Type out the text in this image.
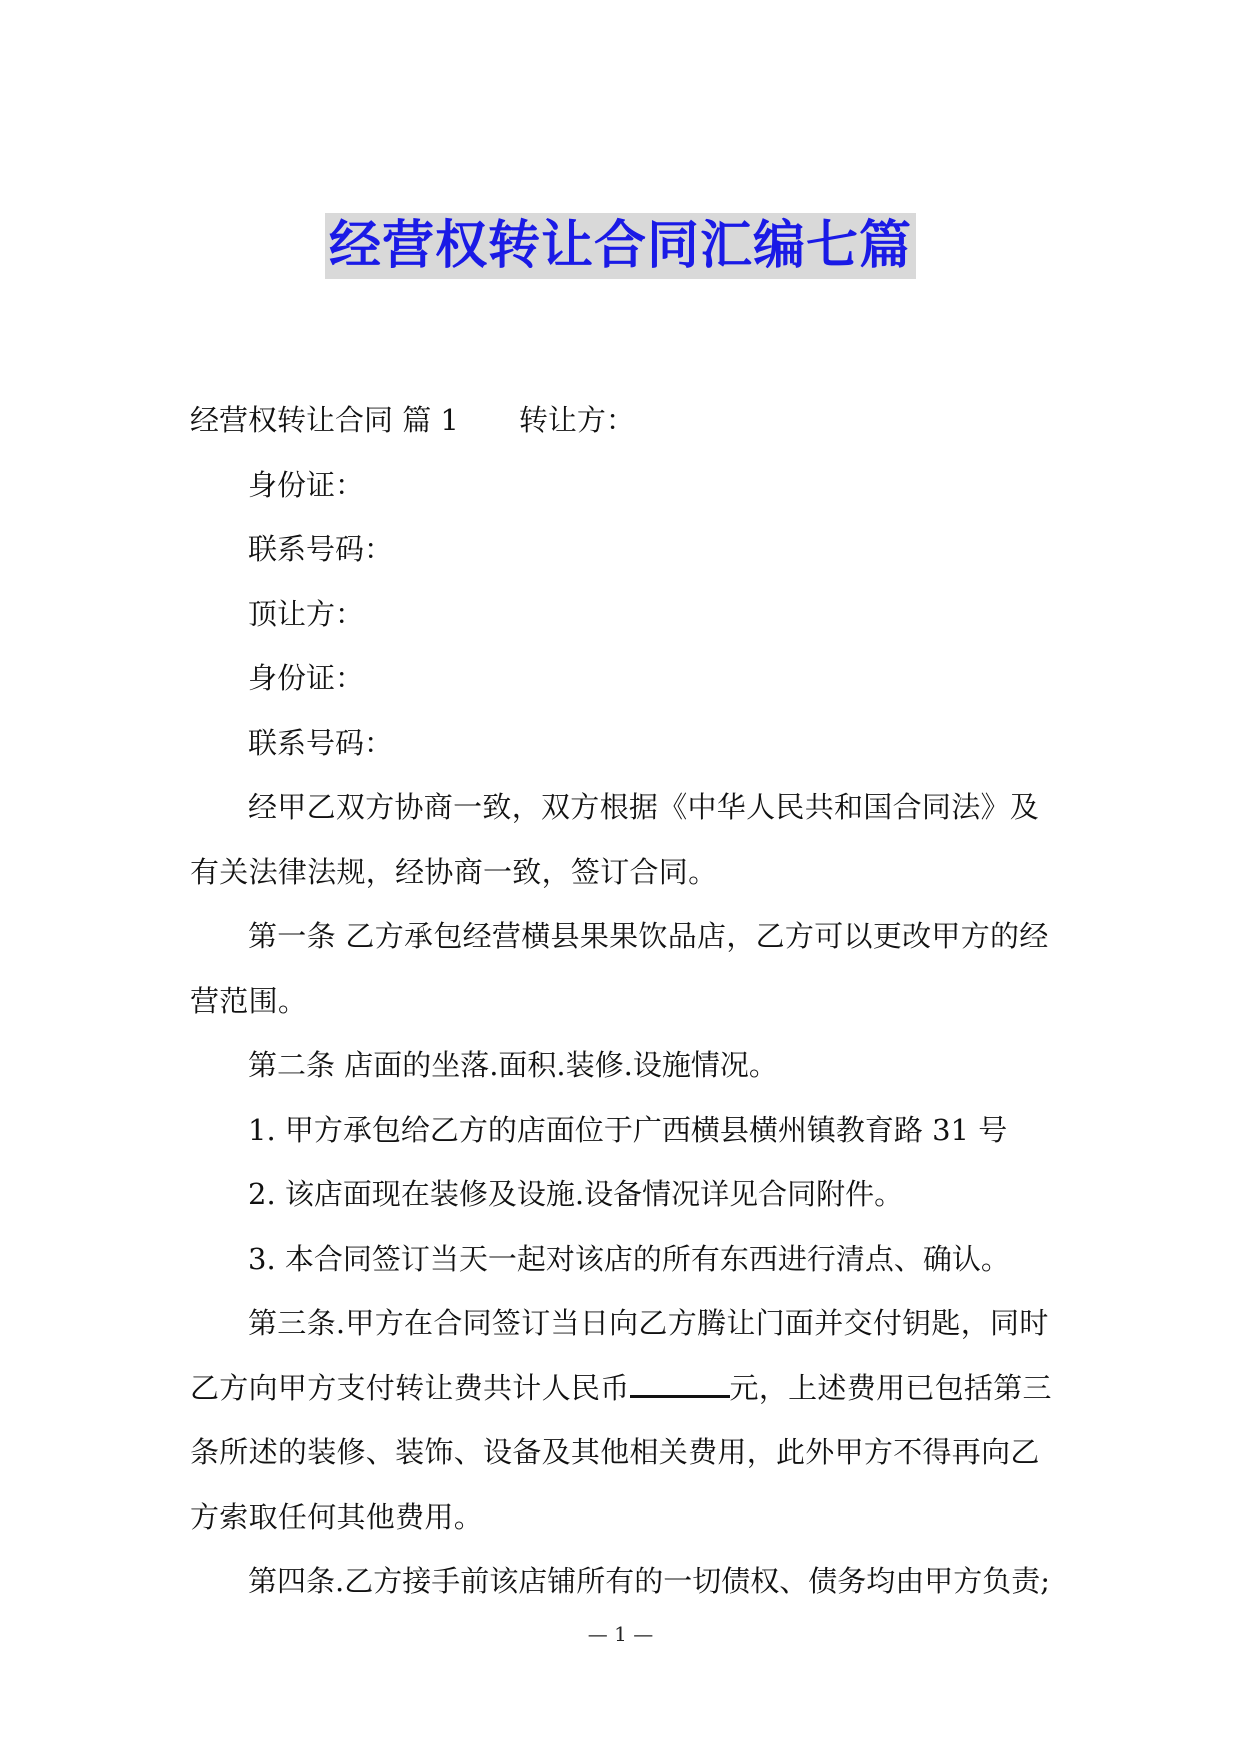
经营权转让合同汇编七篇

经营权转让合同 篇 1 转让方：

身份证：

联系号码：

顶让方：

身份证：

联系号码：

经甲乙双方协商一致，双方根据《中华人民共和国合同法》及有关法律法规，经协商一致，签订合同。

第一条 乙方承包经营横县果果饮品店，乙方可以更改甲方的经营范围。

第二条 店面的坐落.面积.装修.设施情况。

1. 甲方承包给乙方的店面位于广西横县横州镇教育路 31 号

2. 该店面现在装修及设施.设备情况详见合同附件。

3. 本合同签订当天一起对该店的所有东西进行清点、确认。

第三条.甲方在合同签订当日向乙方腾让门面并交付钥匙，同时乙方向甲方支付转让费共计人民币	元，上述费用已包括第三条所述的装修、装饰、设备及其他相关费用，此外甲方不得再向乙方索取任何其他费用。

第四条.乙方接手前该店铺所有的一切债权、债务均由甲方负责;

— 1 —
